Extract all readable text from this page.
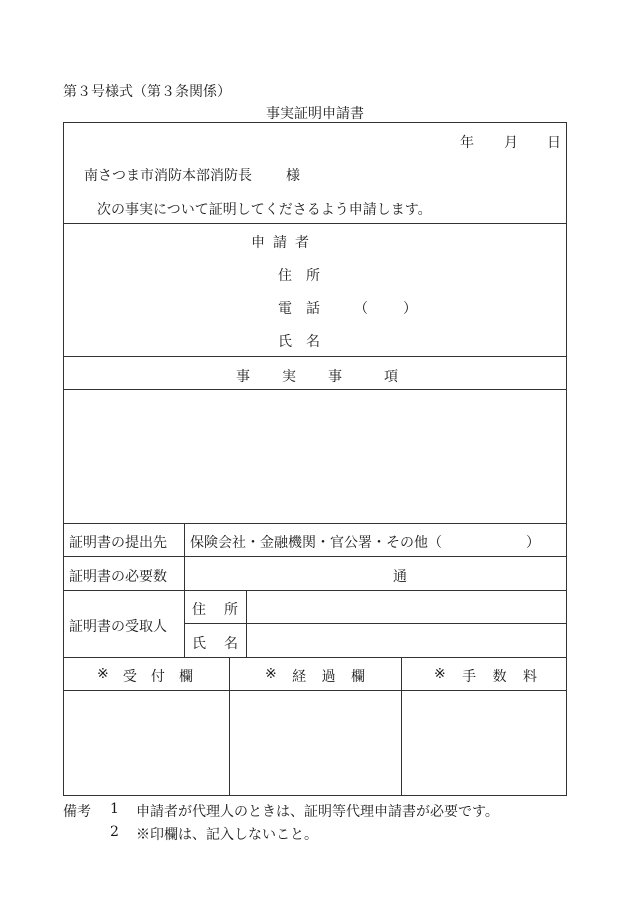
第３号様式（第３条関係）
事実証明申請書
年 月 日
南さつま市消防本部消防長 様
次の事実について証明してくださるよう申請します。
申請者
住所
電話 （	）
氏名
事 実 事	項
証明書の提出先 保険会社・金融機関・官公署・その他（　　　　　　）
証明書の必要数	通
証明書の受取人
住所
氏名
※ 受 付 欄	※ 経 過 欄	※ 手 数 料
備考 1 申請者が代理人のときは、証明等代理申請書が必要です。
2 ※印欄は、記入しないこと。
